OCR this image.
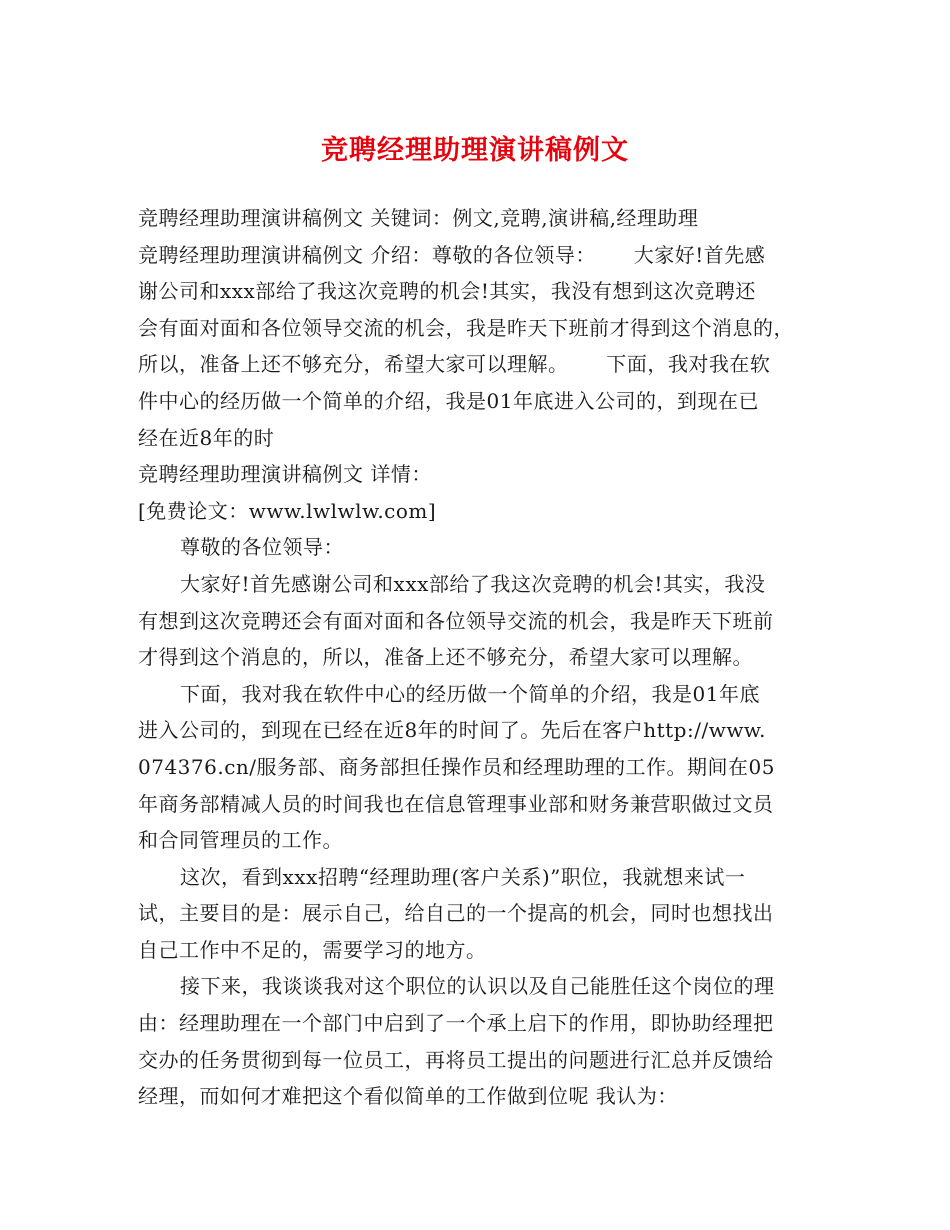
竞聘经理助理演讲稿例文
竞聘经理助理演讲稿例文 关键词：例文,竞聘,演讲稿,经理助理
竞聘经理助理演讲稿例文 介绍：尊敬的各位领导：　　 大家好!首先感
谢公司和xxx部给了我这次竞聘的机会!其实，我没有想到这次竞聘还
会有面对面和各位领导交流的机会，我是昨天下班前才得到这个消息的，
所以，准备上还不够充分，希望大家可以理解。　　 下面，我对我在软
件中心的经历做一个简单的介绍，我是01年底进入公司的，到现在已
经在近8年的时
竞聘经理助理演讲稿例文 详情：
[免费论文：www.lwlwlw.com]
尊敬的各位领导：
大家好!首先感谢公司和xxx部给了我这次竞聘的机会!其实，我没
有想到这次竞聘还会有面对面和各位领导交流的机会，我是昨天下班前
才得到这个消息的，所以，准备上还不够充分，希望大家可以理解。
下面，我对我在软件中心的经历做一个简单的介绍，我是01年底
进入公司的，到现在已经在近8年的时间了。先后在客户http://www.
074376.cn/服务部、商务部担任操作员和经理助理的工作。期间在05
年商务部精减人员的时间我也在信息管理事业部和财务兼营职做过文员
和合同管理员的工作。
这次，看到xxx招聘“经理助理(客户关系)”职位，我就想来试一
试，主要目的是：展示自己，给自己的一个提高的机会，同时也想找出
自己工作中不足的，需要学习的地方。
接下来，我谈谈我对这个职位的认识以及自己能胜任这个岗位的理
由：经理助理在一个部门中启到了一个承上启下的作用，即协助经理把
交办的任务贯彻到每一位员工，再将员工提出的问题进行汇总并反馈给
经理，而如何才难把这个看似简单的工作做到位呢 我认为：
